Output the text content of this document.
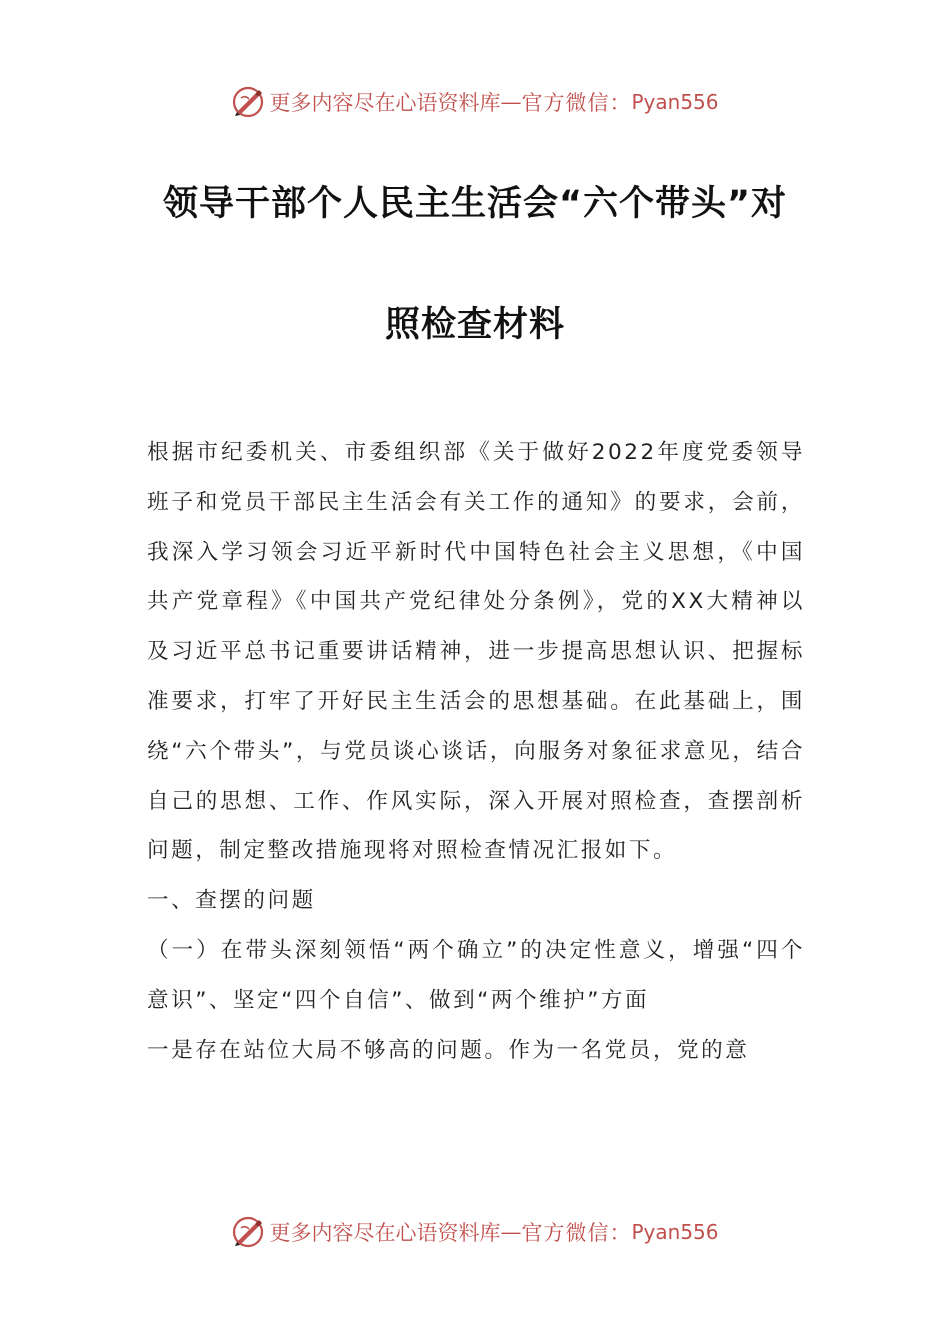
更多内容尽在心语资料库 — 官方微信： Pyan556
领导干部个人民主生活会“六个带头”对
照检查材料

根据市纪委机关、市委组织部《关于做好2022年度党委领导班子和党员干部民主生活会有关工作的通知》的要求，会前，我深入学习领会习近平新时代中国特色社会主义思想，《中国共产党章程》《中国共产党纪律处分条例》，党的XX大精神以及习近平总书记重要讲话精神，进一步提高思想认识、把握标准要求，打牢了开好民主生活会的思想基础。在此基础上，围绕“六个带头”，与党员谈心谈话，向服务对象征求意见，结合自己的思想、工作、作风实际，深入开展对照检查，查摆剖析问题，制定整改措施现将对照检查情况汇报如下。

一、查摆的问题

（一）在带头深刻领悟“两个确立”的决定性意义，增强“四个意识”、坚定“四个自信”、做到“两个维护”方面

一是存在站位大局不够高的问题。作为一名党员，党的意

更多内容尽在心语资料库 — 官方微信： Pyan556
